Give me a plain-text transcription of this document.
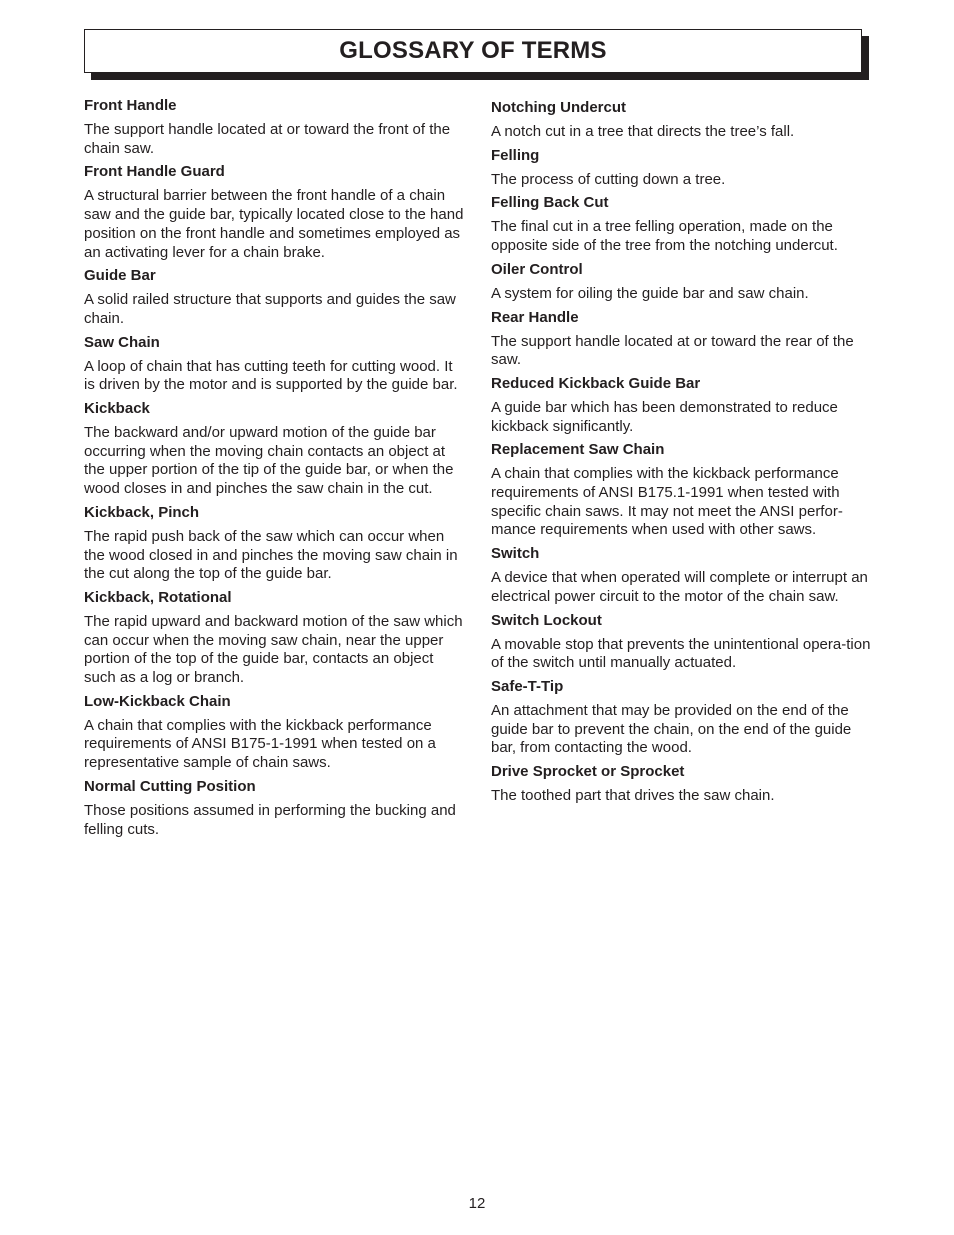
GLOSSARY OF TERMS

Front Handle

The support handle located at or toward the front of the chain saw.

Front Handle Guard

A structural barrier between the front handle of a chain saw and the guide bar, typically located close to the hand position on the front handle and sometimes employed as an activating lever for a chain brake.

Guide Bar

A solid railed structure that supports and guides the saw chain.

Saw Chain

A loop of chain that has cutting teeth for cutting wood. It is driven by the motor and is supported by the guide bar.

Kickback

The backward and/or upward motion of the guide bar occurring when the moving chain contacts an object at the upper portion of the tip of the guide bar, or when the wood closes in and pinches the saw chain in the cut.

Kickback, Pinch

The rapid push back of the saw which can occur when the wood closed in and pinches the moving saw chain in the cut along the top of the guide bar.

Kickback, Rotational

The rapid upward and backward motion of the saw which can occur when the moving saw chain, near the upper portion of the top of the guide bar, contacts an object such as a log or branch.

Low-Kickback Chain

A chain that complies with the kickback performance requirements of ANSI B175-1-1991 when tested on a representative sample of chain saws.

Normal Cutting Position

Those positions assumed in performing the bucking and felling cuts.

Notching Undercut

A notch cut in a tree that directs the tree’s fall.

Felling

The process of cutting down a tree.

Felling Back Cut

The final cut in a tree felling operation, made on the opposite side of the tree from the notching undercut.

Oiler Control

A system for oiling the guide bar and saw chain.

Rear Handle

The support handle located at or toward the rear of the saw.

Reduced Kickback Guide Bar

A guide bar which has been demonstrated to reduce kickback significantly.

Replacement Saw Chain

A chain that complies with the kickback performance requirements of ANSI B175.1-1991 when tested with specific chain saws. It may not meet the ANSI perfor-mance requirements when used with other saws.

Switch

A device that when operated will complete or interrupt an electrical power circuit to the motor of the chain saw.

Switch Lockout

A movable stop that prevents the unintentional opera-tion of the switch until manually actuated.

Safe-T-Tip

An attachment that may be provided on the end of the guide bar to prevent the chain, on the end of the guide bar, from contacting the wood.

Drive Sprocket or Sprocket

The toothed part that drives the saw chain.

12
